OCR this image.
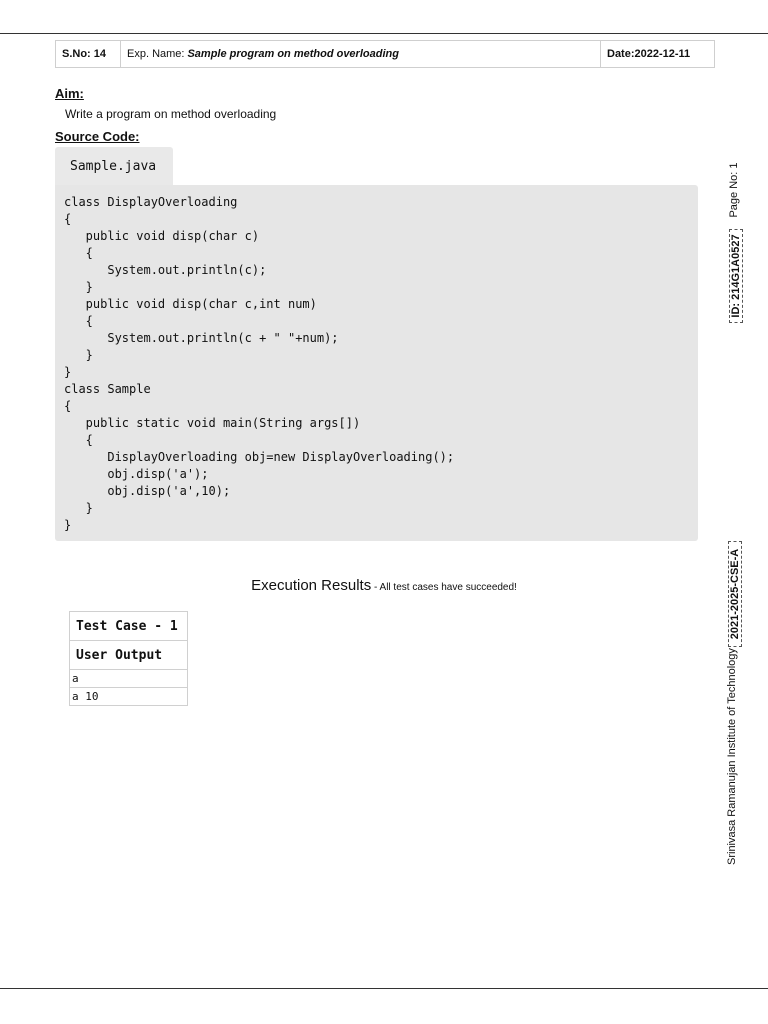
S.No: 14	Exp. Name: Sample program on method overloading	Date:2022-12-11
Aim:
Write a program on method overloading
Source Code:
Sample.java
class DisplayOverloading
{
public void disp(char c)
{
System.out.println(c);
}
public void disp(char c,int num)
{
System.out.println(c + " "+num);
}
}
class Sample
{
public static void main(String args[])
{
DisplayOverloading obj=new DisplayOverloading();
obj.disp('a');
obj.disp('a',10);
}
}
Execution Results - All test cases have succeeded!
Test Case - 1
User Output
a
a 10
Page No: 1
ID: 214G1A0527
2021-2025-CSE-A
Srinivasa Ramanujan Institute of Technology
